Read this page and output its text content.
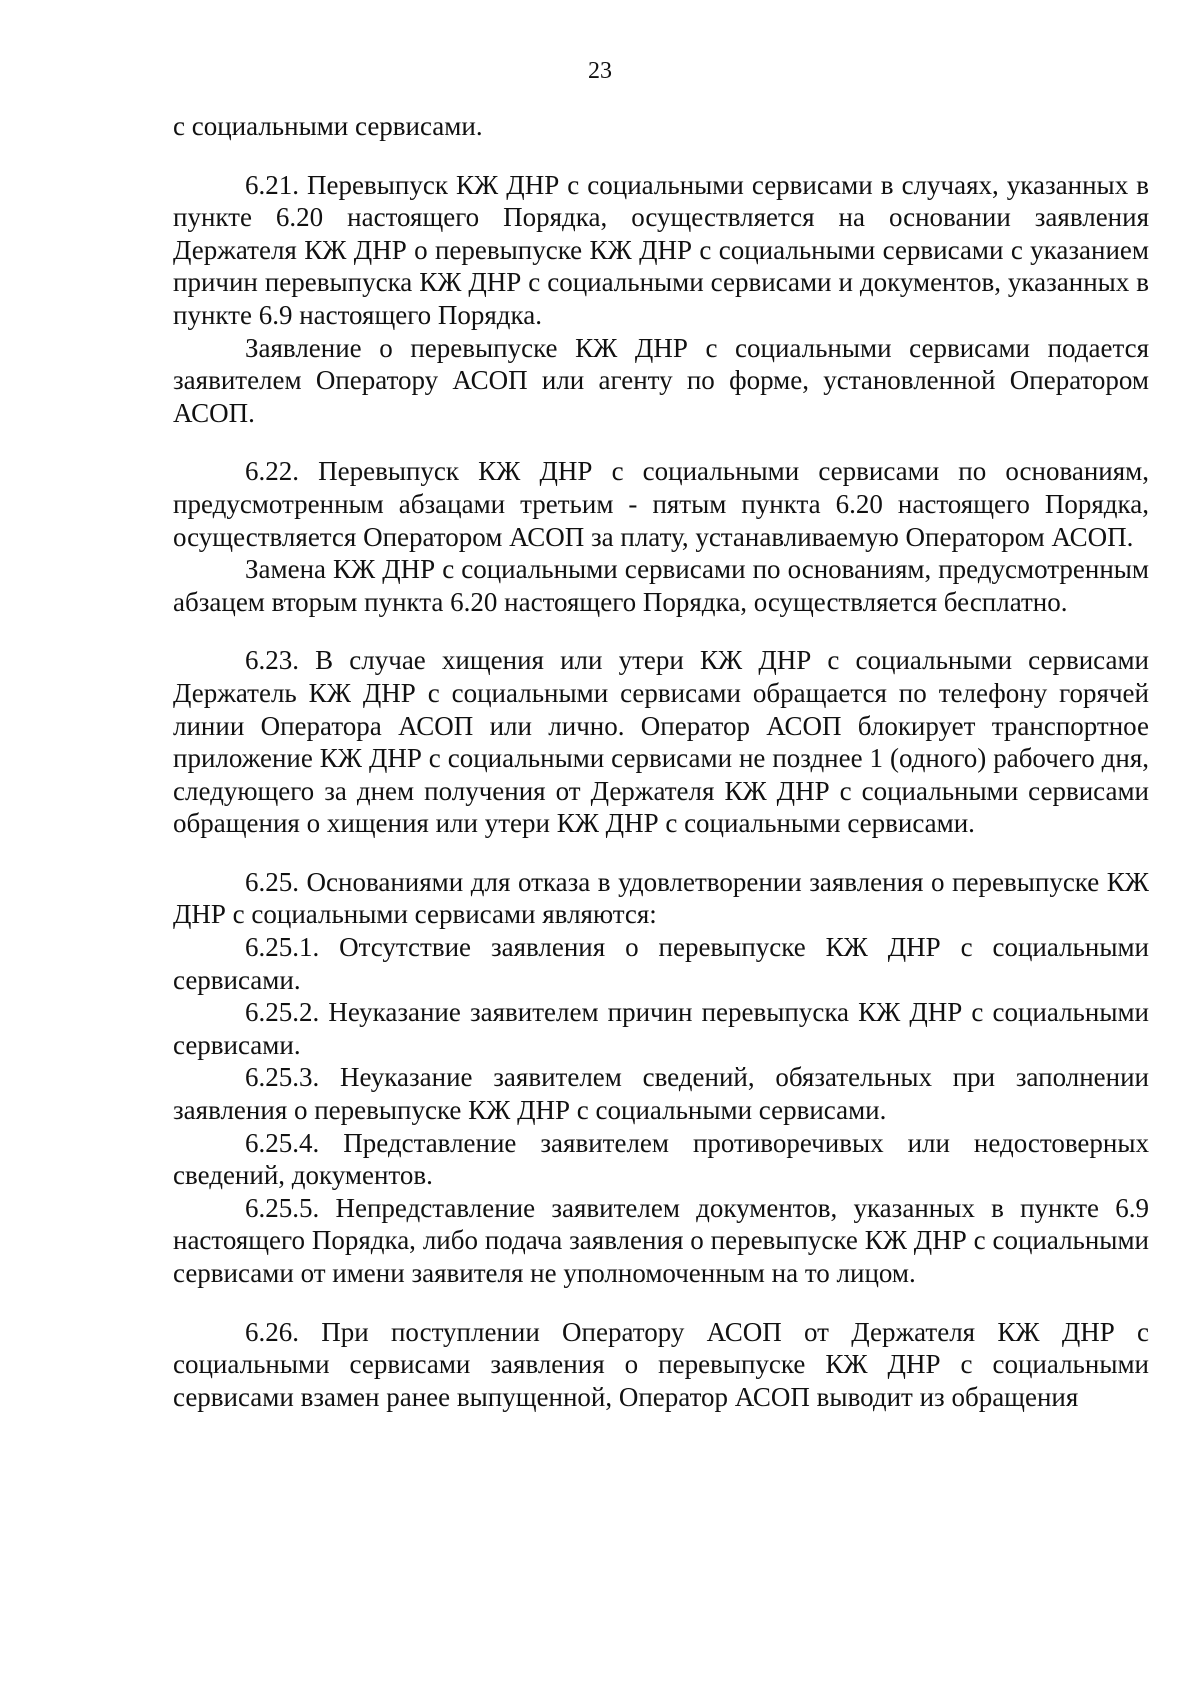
23

с социальными сервисами.

6.21. Перевыпуск КЖ ДНР с социальными сервисами в случаях, указанных в пункте 6.20 настоящего Порядка, осуществляется на основании заявления Держателя КЖ ДНР о перевыпуске КЖ ДНР с социальными сервисами с указанием причин перевыпуска КЖ ДНР с социальными сервисами и документов, указанных в пункте 6.9 настоящего Порядка.

Заявление о перевыпуске КЖ ДНР с социальными сервисами подается заявителем Оператору АСОП или агенту по форме, установленной Оператором АСОП.

6.22. Перевыпуск КЖ ДНР с социальными сервисами по основаниям, предусмотренным абзацами третьим - пятым пункта 6.20 настоящего Порядка, осуществляется Оператором АСОП за плату, устанавливаемую Оператором АСОП.

Замена КЖ ДНР с социальными сервисами по основаниям, предусмотренным абзацем вторым пункта 6.20 настоящего Порядка, осуществляется бесплатно.

6.23. В случае хищения или утери КЖ ДНР с социальными сервисами Держатель КЖ ДНР с социальными сервисами обращается по телефону горячей линии Оператора АСОП или лично. Оператор АСОП блокирует транспортное приложение КЖ ДНР с социальными сервисами не позднее 1 (одного) рабочего дня, следующего за днем получения от Держателя КЖ ДНР с социальными сервисами обращения о хищения или утери КЖ ДНР с социальными сервисами.

6.25. Основаниями для отказа в удовлетворении заявления о перевыпуске КЖ ДНР с социальными сервисами являются:

6.25.1. Отсутствие заявления о перевыпуске КЖ ДНР с социальными сервисами.

6.25.2. Неуказание заявителем причин перевыпуска КЖ ДНР с социальными сервисами.

6.25.3. Неуказание заявителем сведений, обязательных при заполнении заявления о перевыпуске КЖ ДНР с социальными сервисами.

6.25.4. Представление заявителем противоречивых или недостоверных сведений, документов.

6.25.5. Непредставление заявителем документов, указанных в пункте 6.9 настоящего Порядка, либо подача заявления о перевыпуске КЖ ДНР с социальными сервисами от имени заявителя не уполномоченным на то лицом.

6.26. При поступлении Оператору АСОП от Держателя КЖ ДНР с социальными сервисами заявления о перевыпуске КЖ ДНР с социальными сервисами взамен ранее выпущенной, Оператор АСОП выводит из обращения
